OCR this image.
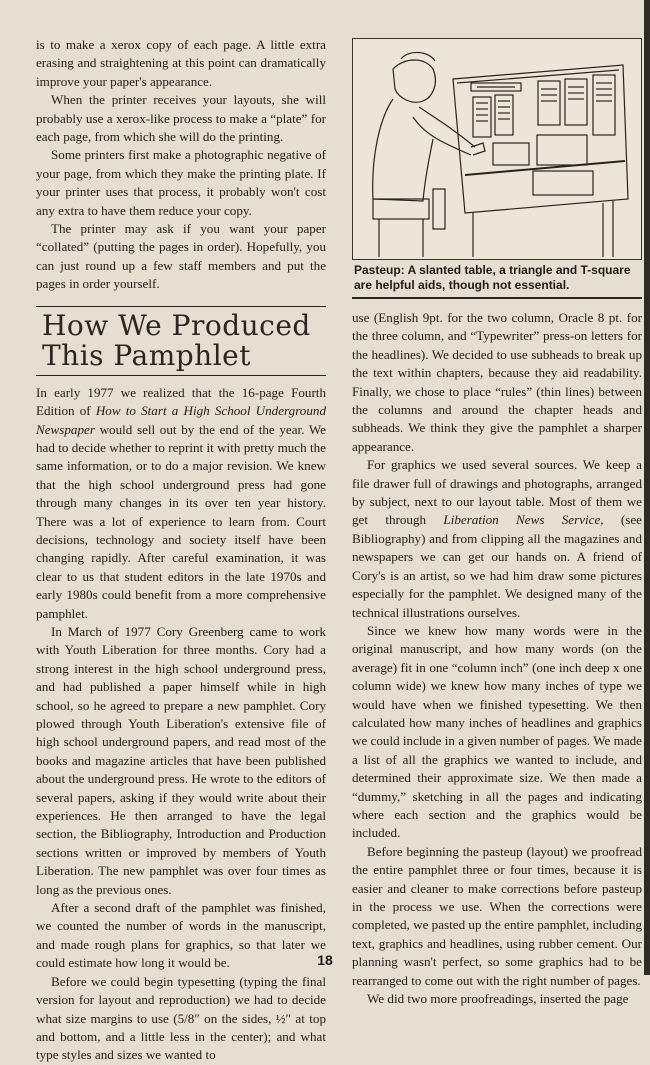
is to make a xerox copy of each page. A little extra erasing and straightening at this point can dramatically improve your paper's appearance.

When the printer receives your layouts, she will probably use a xerox-like process to make a “plate” for each page, from which she will do the printing.

Some printers first make a photographic negative of your page, from which they make the printing plate. If your printer uses that process, it probably won't cost any extra to have them reduce your copy.

The printer may ask if you want your paper “collated” (putting the pages in order). Hopefully, you can just round up a few staff members and put the pages in order yourself.

How We Produced
This Pamphlet

In early 1977 we realized that the 16-page Fourth Edition of How to Start a High School Underground Newspaper would sell out by the end of the year. We had to decide whether to reprint it with pretty much the same information, or to do a major revision. We knew that the high school underground press had gone through many changes in its over ten year history. There was a lot of experience to learn from. Court decisions, technology and society itself have been changing rapidly. After careful examination, it was clear to us that student editors in the late 1970s and early 1980s could benefit from a more comprehensive pamphlet.

In March of 1977 Cory Greenberg came to work with Youth Liberation for three months. Cory had a strong interest in the high school underground press, and had published a paper himself while in high school, so he agreed to prepare a new pamphlet. Cory plowed through Youth Liberation's extensive file of high school underground papers, and read most of the books and magazine articles that have been published about the underground press. He wrote to the editors of several papers, asking if they would write about their experiences. He then arranged to have the legal section, the Bibliography, Introduction and Production sections written or improved by members of Youth Liberation. The new pamphlet was over four times as long as the previous ones.

After a second draft of the pamphlet was finished, we counted the number of words in the manuscript, and made rough plans for graphics, so that later we could estimate how long it would be.

Before we could begin typesetting (typing the final version for layout and reproduction) we had to decide what size margins to use (5/8″ on the sides, ½″ at top and bottom, and a little less in the center); and what type styles and sizes we wanted to

Pasteup: A slanted table, a triangle and T-square are helpful aids, though not essential.

use (English 9pt. for the two column, Oracle 8 pt. for the three column, and “Typewriter” press-on letters for the headlines). We decided to use subheads to break up the text within chapters, because they aid readability. Finally, we chose to place “rules” (thin lines) between the columns and around the chapter heads and subheads. We think they give the pamphlet a sharper appearance.

For graphics we used several sources. We keep a file drawer full of drawings and photographs, arranged by subject, next to our layout table. Most of them we get through Liberation News Service, (see Bibliography) and from clipping all the magazines and newspapers we can get our hands on. A friend of Cory's is an artist, so we had him draw some pictures especially for the pamphlet. We designed many of the technical illustrations ourselves.

Since we knew how many words were in the original manuscript, and how many words (on the average) fit in one “column inch” (one inch deep x one column wide) we knew how many inches of type we would have when we finished typesetting. We then calculated how many inches of headlines and graphics we could include in a given number of pages. We made a list of all the graphics we wanted to include, and determined their approximate size. We then made a “dummy,” sketching in all the pages and indicating where each section and the graphics would be included.

Before beginning the pasteup (layout) we proofread the entire pamphlet three or four times, because it is easier and cleaner to make corrections before pasteup in the process we use. When the corrections were completed, we pasted up the entire pamphlet, including text, graphics and headlines, using rubber cement. Our planning wasn't perfect, so some graphics had to be rearranged to come out with the right number of pages.

We did two more proofreadings, inserted the page

18
